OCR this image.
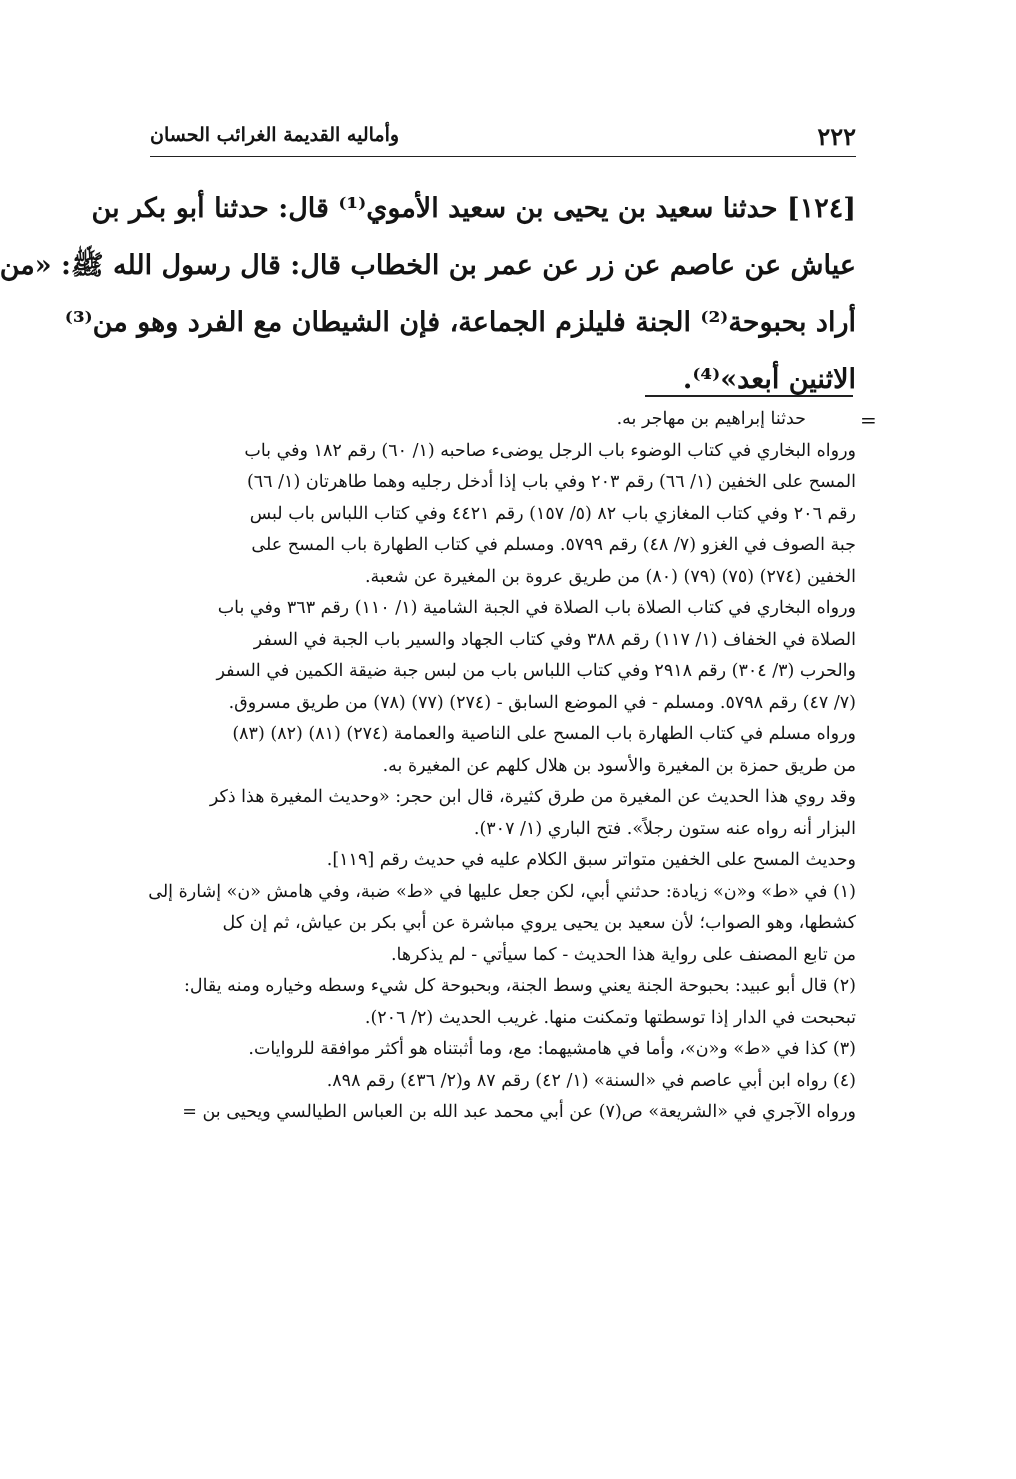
٢٢٢
وأماليه القديمة الغرائب الحسان

[١٢٤] حدثنا سعيد بن يحيى بن سعيد الأموي⁽¹⁾ قال: حدثنا أبو بكر بن

عياش عن عاصم عن زر عن عمر بن الخطاب قال: قال رسول الله ﷺ: «من

أراد بحبوحة⁽²⁾ الجنة فليلزم الجماعة، فإن الشيطان مع الفرد وهو من⁽³⁾

الاثنين أبعد»⁽⁴⁾.

=
حدثنا إبراهيم بن مهاجر به.
ورواه البخاري في كتاب الوضوء باب الرجل يوضىء صاحبه (١/ ٦٠) رقم ١٨٢ وفي باب
المسح على الخفين (١/ ٦٦) رقم ٢٠٣ وفي باب إذا أدخل رجليه وهما طاهرتان (١/ ٦٦)
رقم ٢٠٦ وفي كتاب المغازي باب ٨٢ (٥/ ١٥٧) رقم ٤٤٢١ وفي كتاب اللباس باب لبس
جبة الصوف في الغزو (٧/ ٤٨) رقم ٥٧٩٩. ومسلم في كتاب الطهارة باب المسح على
الخفين (٢٧٤) (٧٥) (٧٩) (٨٠) من طريق عروة بن المغيرة عن شعبة.
ورواه البخاري في كتاب الصلاة باب الصلاة في الجبة الشامية (١/ ١١٠) رقم ٣٦٣ وفي باب
الصلاة في الخفاف (١/ ١١٧) رقم ٣٨٨ وفي كتاب الجهاد والسير باب الجبة في السفر
والحرب (٣/ ٣٠٤) رقم ٢٩١٨ وفي كتاب اللباس باب من لبس جبة ضيقة الكمين في السفر
(٧/ ٤٧) رقم ٥٧٩٨. ومسلم - في الموضع السابق - (٢٧٤) (٧٧) (٧٨) من طريق مسروق.
ورواه مسلم في كتاب الطهارة باب المسح على الناصية والعمامة (٢٧٤) (٨١) (٨٢) (٨٣)
من طريق حمزة بن المغيرة والأسود بن هلال كلهم عن المغيرة به.
وقد روي هذا الحديث عن المغيرة من طرق كثيرة، قال ابن حجر: «وحديث المغيرة هذا ذكر
البزار أنه رواه عنه ستون رجلاً». فتح الباري (١/ ٣٠٧).
وحديث المسح على الخفين متواتر سبق الكلام عليه في حديث رقم [١١٩].
(١) في «ط» و«ن» زيادة: حدثني أبي، لكن جعل عليها في «ط» ضبة، وفي هامش «ن» إشارة إلى
كشطها، وهو الصواب؛ لأن سعيد بن يحيى يروي مباشرة عن أبي بكر بن عياش، ثم إن كل
من تابع المصنف على رواية هذا الحديث - كما سيأتي - لم يذكرها.
(٢) قال أبو عبيد: بحبوحة الجنة يعني وسط الجنة، وبحبوحة كل شيء وسطه وخياره ومنه يقال:
تبحبحت في الدار إذا توسطتها وتمكنت منها. غريب الحديث (٢/ ٢٠٦).
(٣) كذا في «ط» و«ن»، وأما في هامشيهما: مع، وما أثبتناه هو أكثر موافقة للروايات.
(٤) رواه ابن أبي عاصم في «السنة» (١/ ٤٢) رقم ٨٧ و(٢/ ٤٣٦) رقم ٨٩٨.
ورواه الآجري في «الشريعة» ص(٧) عن أبي محمد عبد الله بن العباس الطيالسي ويحيى بن =
